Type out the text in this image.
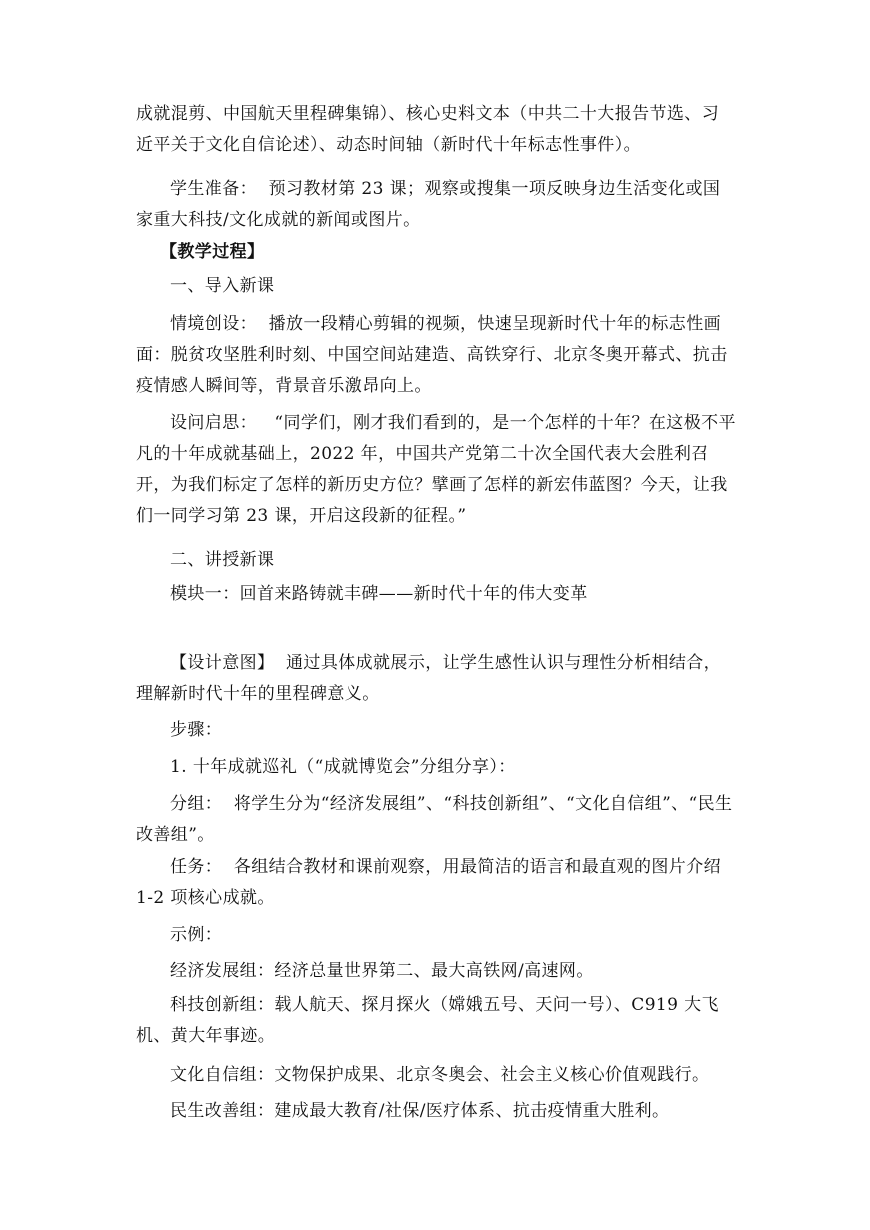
成就混剪、中国航天里程碑集锦）、核心史料文本（中共二十大报告节选、习近平关于文化自信论述）、动态时间轴（新时代十年标志性事件）。

学生准备： 预习教材第 23 课；观察或搜集一项反映身边生活变化或国家重大科技/文化成就的新闻或图片。

【教学过程】

一、导入新课

情境创设： 播放一段精心剪辑的视频，快速呈现新时代十年的标志性画面：脱贫攻坚胜利时刻、中国空间站建造、高铁穿行、北京冬奥开幕式、抗击疫情感人瞬间等，背景音乐激昂向上。

设问启思： “同学们，刚才我们看到的，是一个怎样的十年？在这极不平凡的十年成就基础上，2022 年，中国共产党第二十次全国代表大会胜利召开，为我们标定了怎样的新历史方位？擘画了怎样的新宏伟蓝图？今天，让我们一同学习第 23 课，开启这段新的征程。”

二、讲授新课

模块一：回首来路铸就丰碑——新时代十年的伟大变革

【设计意图】 通过具体成就展示，让学生感性认识与理性分析相结合，理解新时代十年的里程碑意义。

步骤：

1. 十年成就巡礼（“成就博览会”分组分享）：

分组： 将学生分为“经济发展组”、“科技创新组”、“文化自信组”、“民生改善组”。

任务： 各组结合教材和课前观察，用最简洁的语言和最直观的图片介绍 1-2 项核心成就。

示例：

经济发展组：经济总量世界第二、最大高铁网/高速网。

科技创新组：载人航天、探月探火（嫦娥五号、天问一号）、C919 大飞机、黄大年事迹。

文化自信组：文物保护成果、北京冬奥会、社会主义核心价值观践行。

民生改善组：建成最大教育/社保/医疗体系、抗击疫情重大胜利。
